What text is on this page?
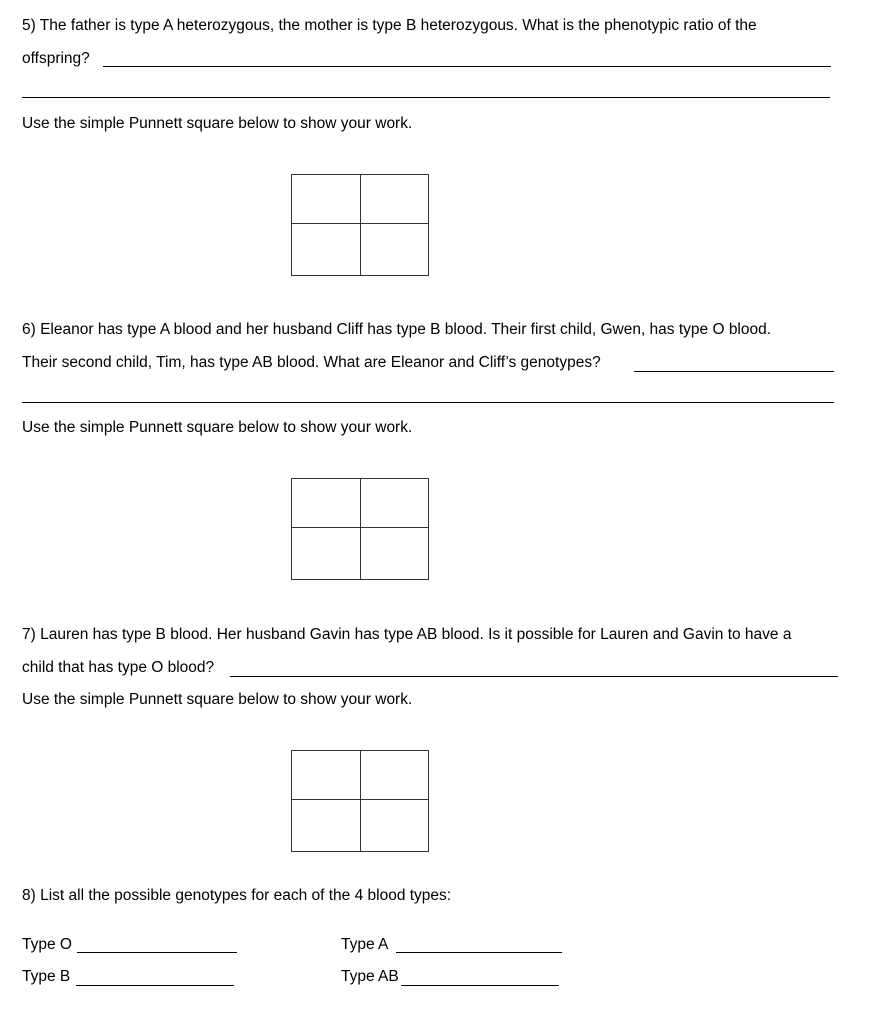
5) The father is type A heterozygous, the mother is type B heterozygous. What is the phenotypic ratio of the
offspring?
Use the simple Punnett square below to show your work.
6) Eleanor has type A blood and her husband Cliff has type B blood. Their first child, Gwen, has type O blood.
Their second child, Tim, has type AB blood. What are Eleanor and Cliff’s genotypes?
Use the simple Punnett square below to show your work.
7) Lauren has type B blood. Her husband Gavin has type AB blood. Is it possible for Lauren and Gavin to have a
child that has type O blood?
Use the simple Punnett square below to show your work.
8) List all the possible genotypes for each of the 4 blood types:
Type O	Type A
Type B	Type AB
